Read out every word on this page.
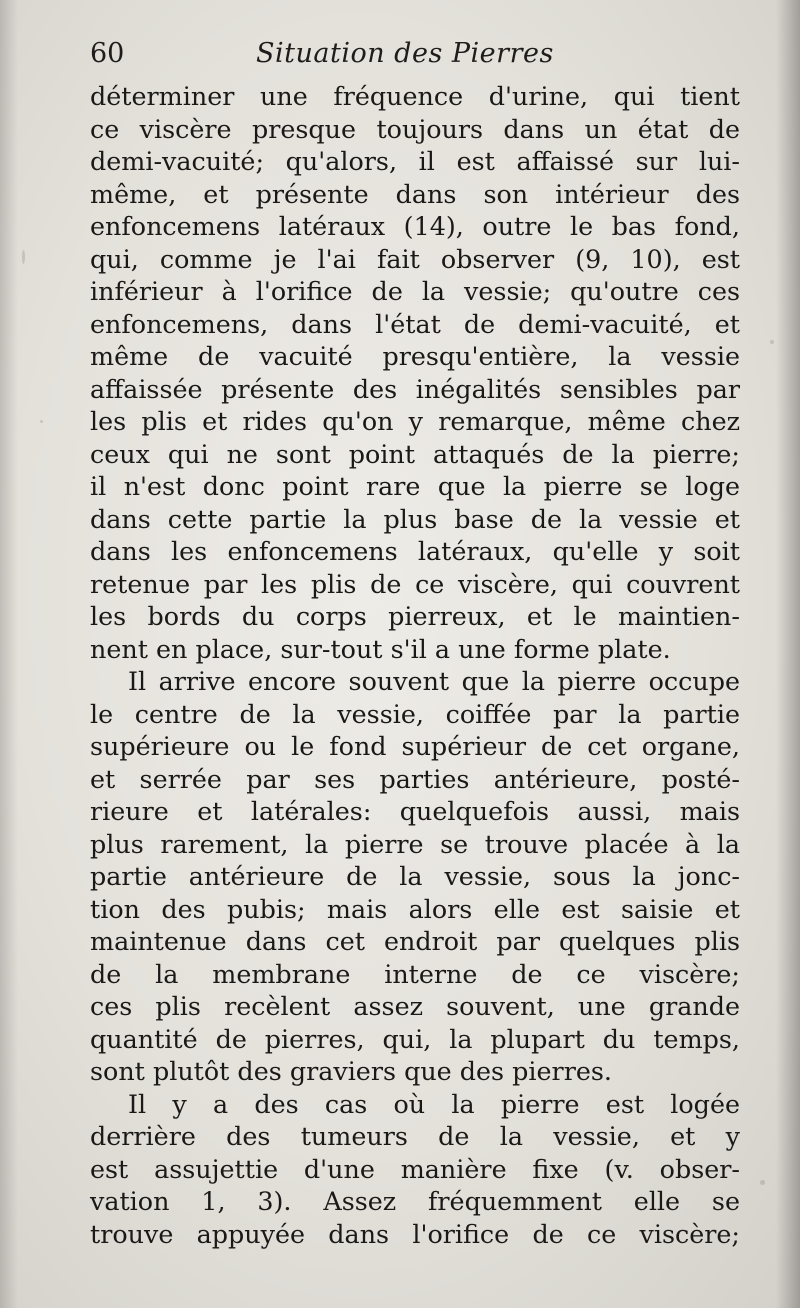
60	Situation des Pierres
déterminer une fréquence d'urine, qui tient
ce viscère presque toujours dans un état de
demi-vacuité; qu'alors, il est affaissé sur lui-
même, et présente dans son intérieur des
enfoncemens latéraux (14), outre le bas fond,
qui, comme je l'ai fait observer (9, 10), est
inférieur à l'orifice de la vessie; qu'outre ces
enfoncemens, dans l'état de demi-vacuité, et
même de vacuité presqu'entière, la vessie
affaissée présente des inégalités sensibles par
les plis et rides qu'on y remarque, même chez
ceux qui ne sont point attaqués de la pierre;
il n'est donc point rare que la pierre se loge
dans cette partie la plus base de la vessie et
dans les enfoncemens latéraux, qu'elle y soit
retenue par les plis de ce viscère, qui couvrent
les bords du corps pierreux, et le maintien-
nent en place, sur-tout s'il a une forme plate.
Il arrive encore souvent que la pierre occupe
le centre de la vessie, coiffée par la partie
supérieure ou le fond supérieur de cet organe,
et serrée par ses parties antérieure, posté-
rieure et latérales: quelquefois aussi, mais
plus rarement, la pierre se trouve placée à la
partie antérieure de la vessie, sous la jonc-
tion des pubis; mais alors elle est saisie et
maintenue dans cet endroit par quelques plis
de la membrane interne de ce viscère;
ces plis recèlent assez souvent, une grande
quantité de pierres, qui, la plupart du temps,
sont plutôt des graviers que des pierres.
Il y a des cas où la pierre est logée
derrière des tumeurs de la vessie, et y
est assujettie d'une manière fixe (v. obser-
vation 1, 3). Assez fréquemment elle se
trouve appuyée dans l'orifice de ce viscère;
